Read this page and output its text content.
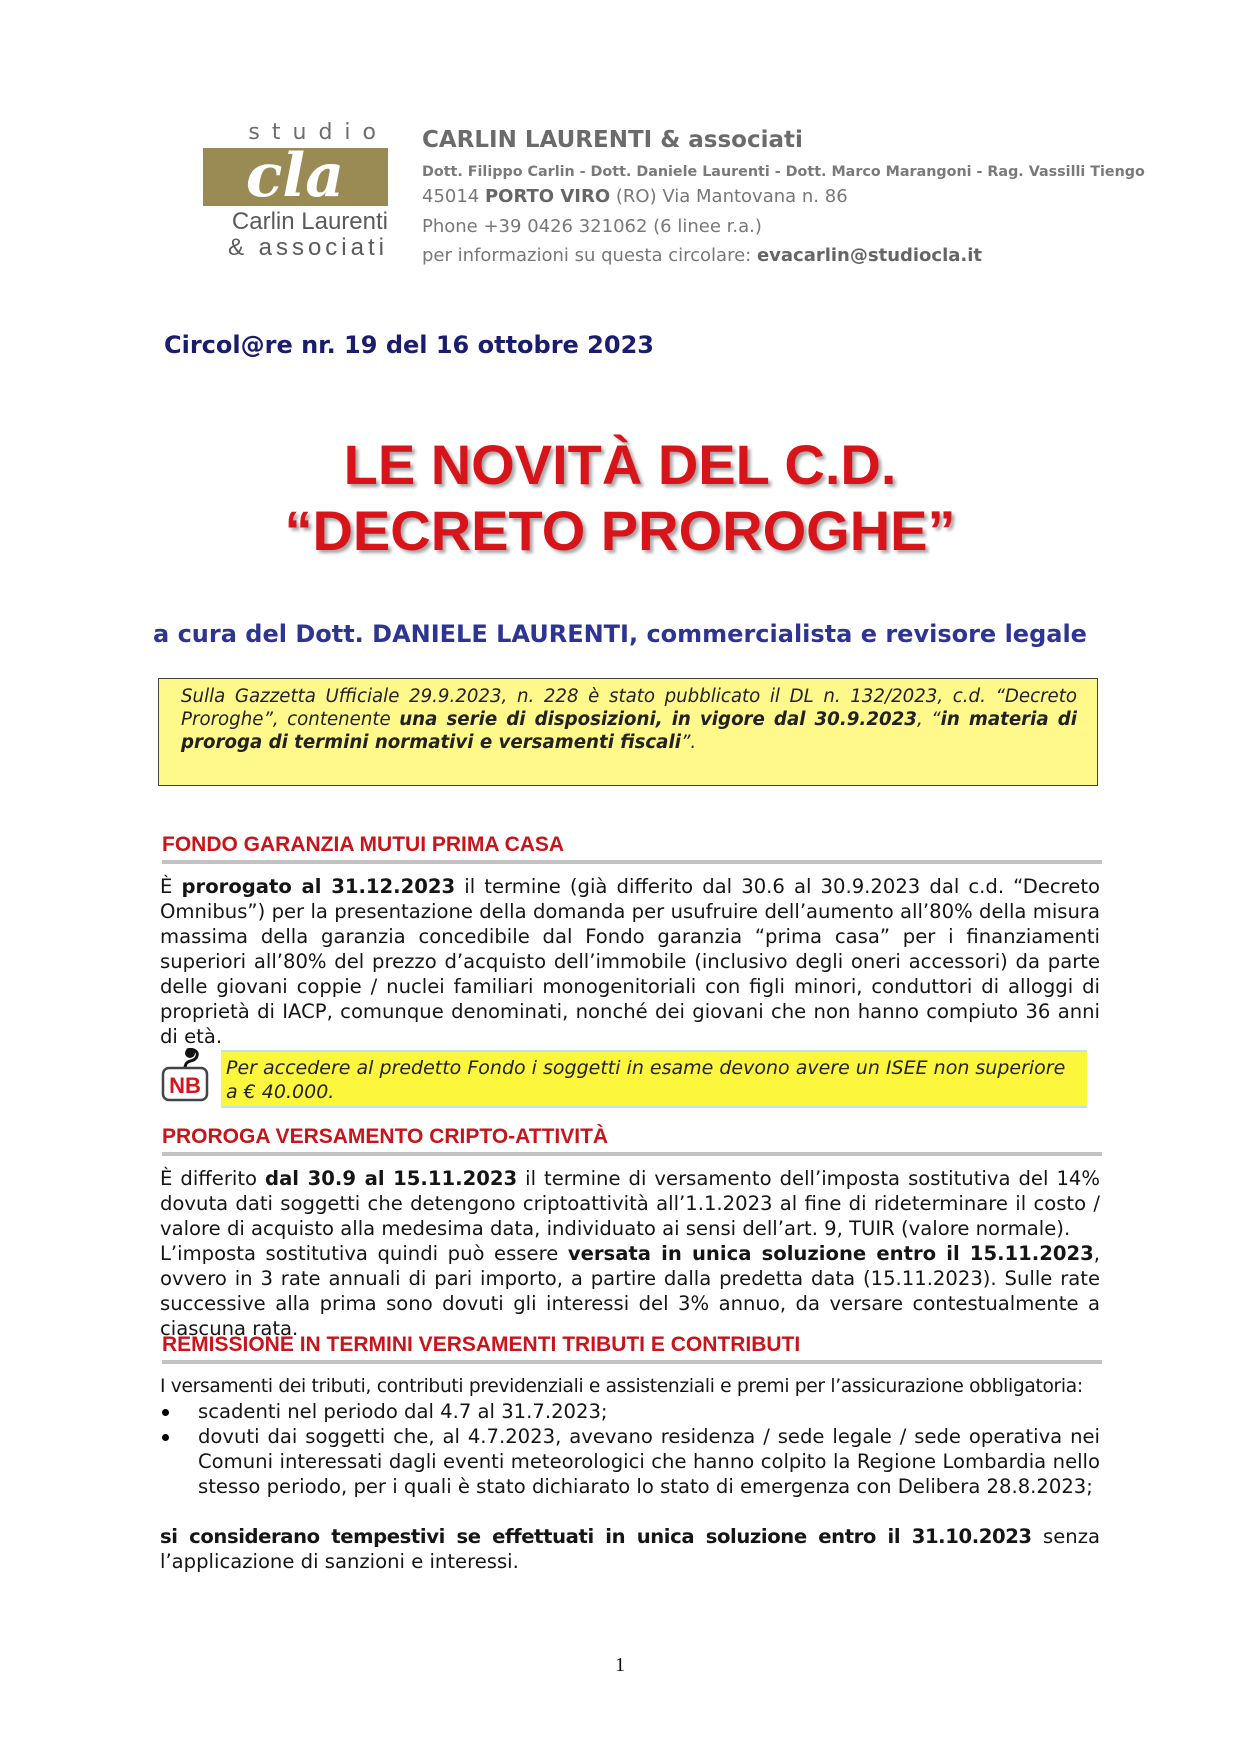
studio
cla
Carlin Laurenti
& associati
CARLIN LAURENTI & associati
Dott. Filippo Carlin - Dott. Daniele Laurenti - Dott. Marco Marangoni - Rag. Vassilli Tiengo
45014 PORTO VIRO (RO) Via Mantovana n. 86
Phone +39 0426 321062 (6 linee r.a.)
per informazioni su questa circolare: evacarlin@studiocla.it
Circol@re nr. 19 del 16 ottobre 2023
LE NOVITÀ DEL C.D.
“DECRETO PROROGHE”
a cura del Dott. DANIELE LAURENTI, commercialista e revisore legale
Sulla Gazzetta Ufficiale 29.9.2023, n. 228 è stato pubblicato il DL n. 132/2023, c.d. “Decreto Proroghe”, contenente una serie di disposizioni, in vigore dal 30.9.2023, “in materia di proroga di termini normativi e versamenti fiscali”.
FONDO GARANZIA MUTUI PRIMA CASA
È prorogato al 31.12.2023 il termine (già differito dal 30.6 al 30.9.2023 dal c.d. “Decreto Omnibus”) per la presentazione della domanda per usufruire dell’aumento all’80% della misura massima della garanzia concedibile dal Fondo garanzia “prima casa” per i finanziamenti superiori all’80% del prezzo d’acquisto dell’immobile (inclusivo degli oneri accessori) da parte delle giovani coppie / nuclei familiari monogenitoriali con figli minori, conduttori di alloggi di proprietà di IACP, comunque denominati, nonché dei giovani che non hanno compiuto 36 anni di età.
NB
Per accedere al predetto Fondo i soggetti in esame devono avere un ISEE non superiore a € 40.000.
PROROGA VERSAMENTO CRIPTO-ATTIVITÀ
È differito dal 30.9 al 15.11.2023 il termine di versamento dell’imposta sostitutiva del 14% dovuta dati soggetti che detengono criptoattività all’1.1.2023 al fine di rideterminare il costo / valore di acquisto alla medesima data, individuato ai sensi dell’art. 9, TUIR (valore normale).
L’imposta sostitutiva quindi può essere versata in unica soluzione entro il 15.11.2023, ovvero in 3 rate annuali di pari importo, a partire dalla predetta data (15.11.2023). Sulle rate successive alla prima sono dovuti gli interessi del 3% annuo, da versare contestualmente a ciascuna rata.
REMISSIONE IN TERMINI VERSAMENTI TRIBUTI E CONTRIBUTI
I versamenti dei tributi, contributi previdenziali e assistenziali e premi per l’assicurazione obbligatoria:
scadenti nel periodo dal 4.7 al 31.7.2023;
dovuti dai soggetti che, al 4.7.2023, avevano residenza / sede legale / sede operativa nei Comuni interessati dagli eventi meteorologici che hanno colpito la Regione Lombardia nello stesso periodo, per i quali è stato dichiarato lo stato di emergenza con Delibera 28.8.2023;
si considerano tempestivi se effettuati in unica soluzione entro il 31.10.2023 senza l’applicazione di sanzioni e interessi.
1
